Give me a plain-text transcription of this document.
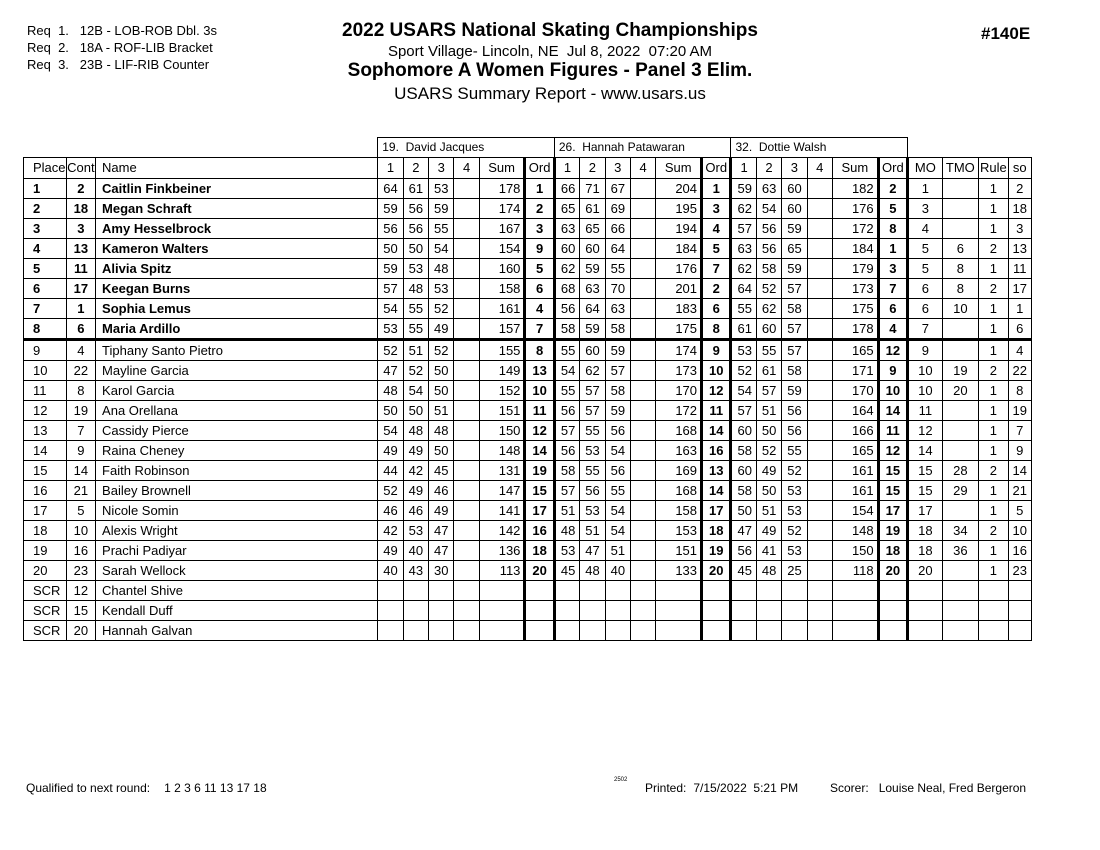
Req  1.   12B - LOB-ROB Dbl. 3s
Req  2.   18A - ROF-LIB Bracket
Req  3.   23B - LIF-RIB Counter
2022 USARS National Skating Championships
Sport Village- Lincoln, NE  Jul 8, 2022  07:20 AM
Sophomore A Women Figures - Panel 3 Elim.
USARS Summary Report - www.usars.us
#140E
			19.  David Jacques						26.  Hannah Patawaran						32.  Dottie Walsh									
Place	Cont	Name	1	2	3	4	Sum	Ord	1	2	3	4	Sum	Ord	1	2	3	4	Sum	Ord	MO	TMO	Rule	so
1	2	Caitlin Finkbeiner	64	61	53		178	1	66	71	67		204	1	59	63	60		182	2	1		1	2
2	18	Megan Schraft	59	56	59		174	2	65	61	69		195	3	62	54	60		176	5	3		1	18
3	3	Amy Hesselbrock	56	56	55		167	3	63	65	66		194	4	57	56	59		172	8	4		1	3
4	13	Kameron Walters	50	50	54		154	9	60	60	64		184	5	63	56	65		184	1	5	6	2	13
5	11	Alivia Spitz	59	53	48		160	5	62	59	55		176	7	62	58	59		179	3	5	8	1	11
6	17	Keegan Burns	57	48	53		158	6	68	63	70		201	2	64	52	57		173	7	6	8	2	17
7	1	Sophia Lemus	54	55	52		161	4	56	64	63		183	6	55	62	58		175	6	6	10	1	1
8	6	Maria Ardillo	53	55	49		157	7	58	59	58		175	8	61	60	57		178	4	7		1	6
9	4	Tiphany Santo Pietro	52	51	52		155	8	55	60	59		174	9	53	55	57		165	12	9		1	4
10	22	Mayline Garcia	47	52	50		149	13	54	62	57		173	10	52	61	58		171	9	10	19	2	22
11	8	Karol Garcia	48	54	50		152	10	55	57	58		170	12	54	57	59		170	10	10	20	1	8
12	19	Ana Orellana	50	50	51		151	11	56	57	59		172	11	57	51	56		164	14	11		1	19
13	7	Cassidy Pierce	54	48	48		150	12	57	55	56		168	14	60	50	56		166	11	12		1	7
14	9	Raina Cheney	49	49	50		148	14	56	53	54		163	16	58	52	55		165	12	14		1	9
15	14	Faith Robinson	44	42	45		131	19	58	55	56		169	13	60	49	52		161	15	15	28	2	14
16	21	Bailey Brownell	52	49	46		147	15	57	56	55		168	14	58	50	53		161	15	15	29	1	21
17	5	Nicole Somin	46	46	49		141	17	51	53	54		158	17	50	51	53		154	17	17		1	5
18	10	Alexis Wright	42	53	47		142	16	48	51	54		153	18	47	49	52		148	19	18	34	2	10
19	16	Prachi Padiyar	49	40	47		136	18	53	47	51		151	19	56	41	53		150	18	18	36	1	16
20	23	Sarah Wellock	40	43	30		113	20	45	48	40		133	20	45	48	25		118	20	20		1	23
SCR	12	Chantel Shive																						
SCR	15	Kendall Duff																						
SCR	20	Hannah Galvan																						
Qualified to next round: 1 2 3 6 11 13 17 18
2502
Printed: 7/15/2022  5:21 PM	Scorer: Louise Neal, Fred Bergeron
